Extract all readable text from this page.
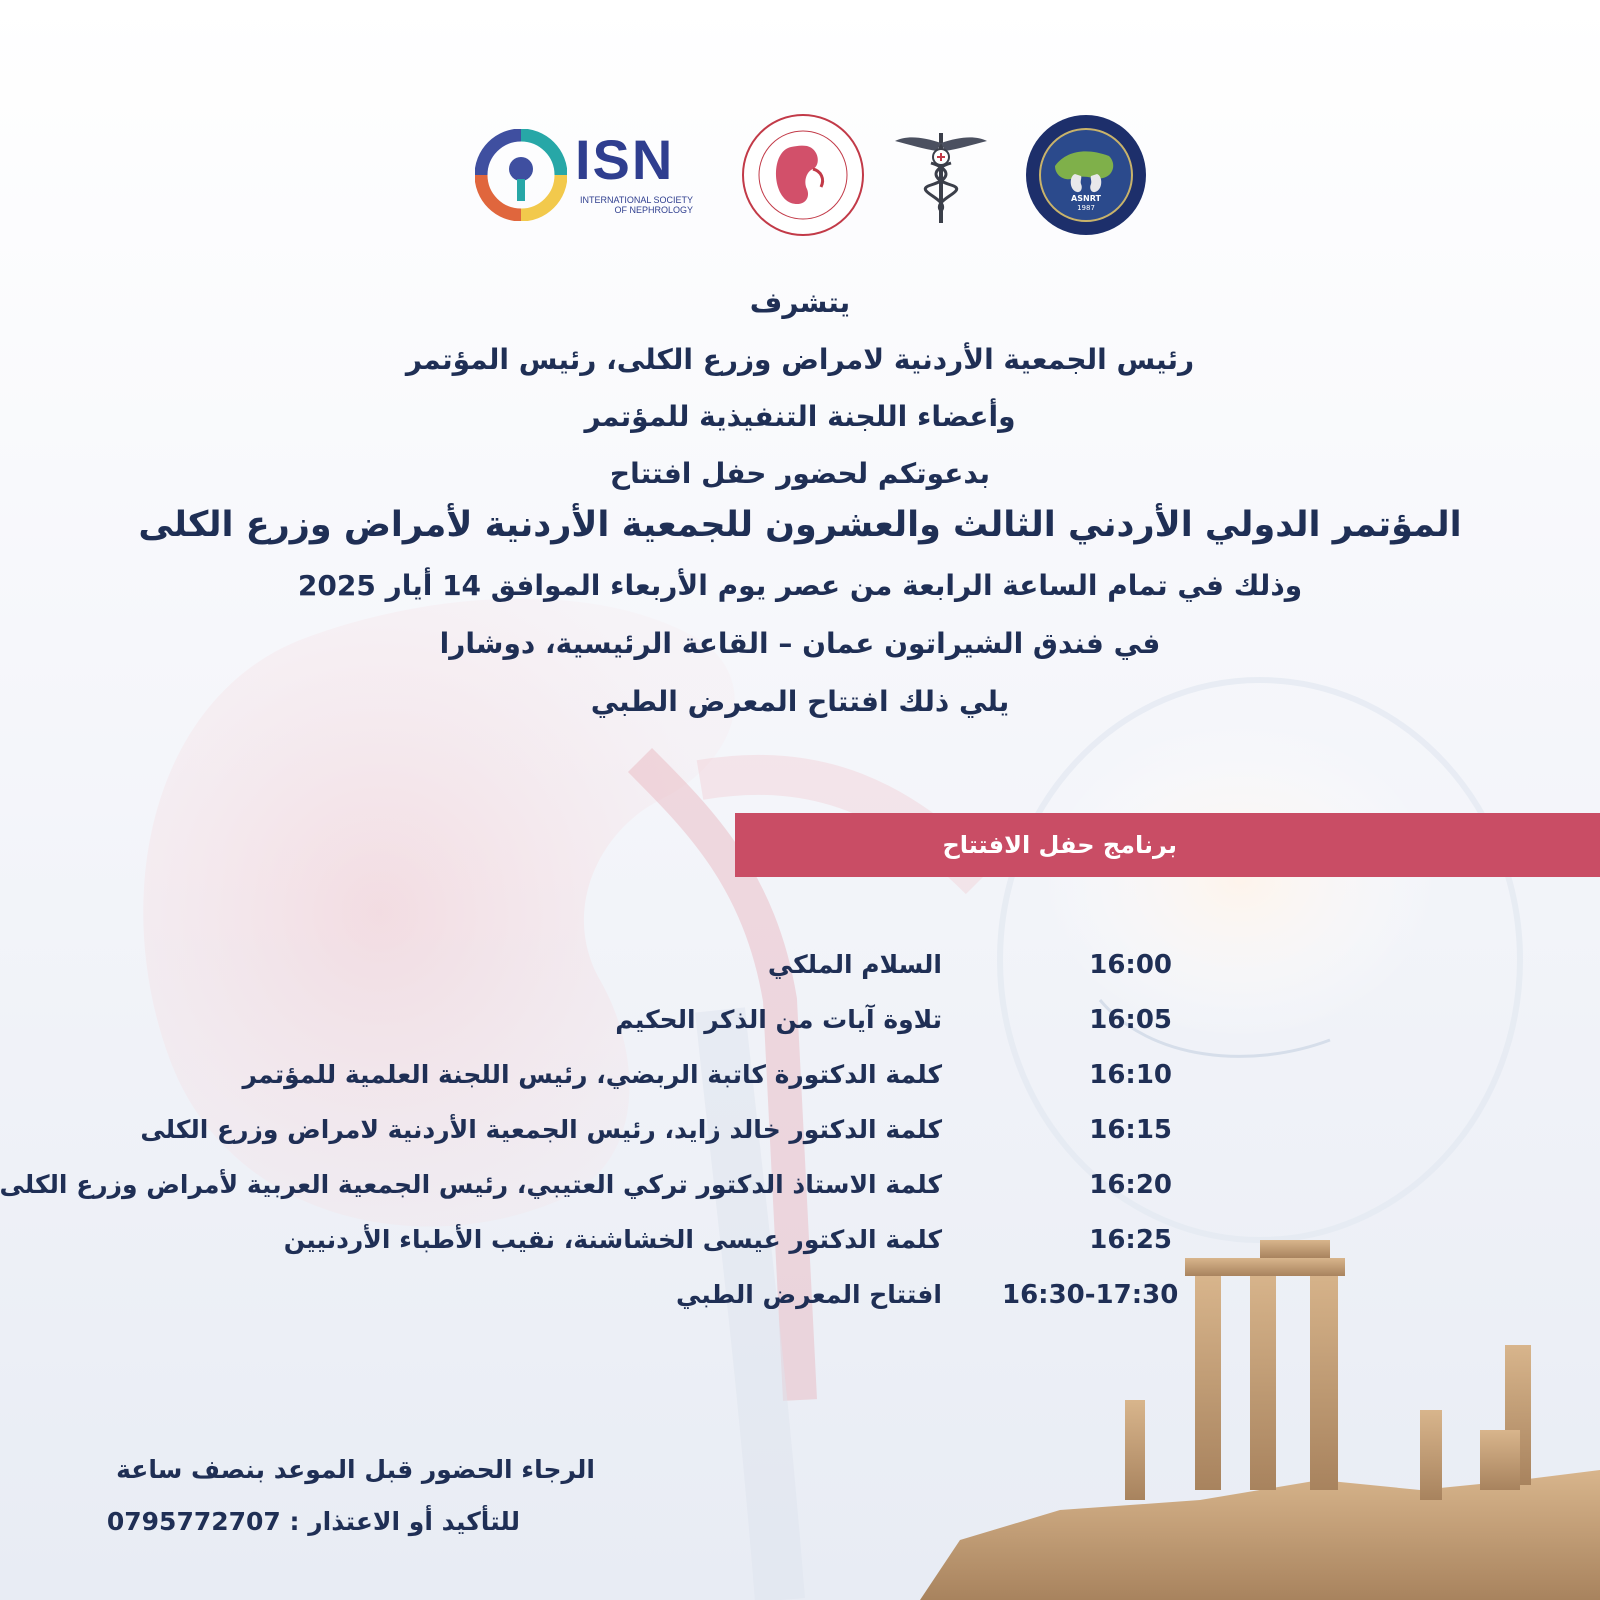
ISN
INTERNATIONAL SOCIETY
OF NEPHROLOGY
ASNRT
1987
يتشرف
رئيس الجمعية الأردنية لامراض وزرع الكلى، رئيس المؤتمر
وأعضاء اللجنة التنفيذية للمؤتمر
بدعوتكم لحضور حفل افتتاح
المؤتمر الدولي الأردني الثالث والعشرون للجمعية الأردنية لأمراض وزرع الكلى
وذلك في تمام الساعة الرابعة من عصر يوم الأربعاء الموافق 14 أيار 2025
في فندق الشيراتون عمان – القاعة الرئيسية، دوشارا
يلي ذلك افتتاح المعرض الطبي
برنامج حفل الافتتاح
16:00
السلام الملكي
16:05
تلاوة آيات من الذكر الحكيم
16:10
كلمة الدكتورة كاتبة الربضي، رئيس اللجنة العلمية للمؤتمر
16:15
كلمة الدكتور خالد زايد، رئيس الجمعية الأردنية لامراض وزرع الكلى
16:20
كلمة الاستاذ الدكتور تركي العتيبي، رئيس الجمعية العربية لأمراض وزرع الكلى
16:25
كلمة الدكتور عيسى الخشاشنة، نقيب الأطباء الأردنيين
16:30-17:30
افتتاح المعرض الطبي
الرجاء الحضور قبل الموعد بنصف ساعة
للتأكيد أو الاعتذار : 0795772707
